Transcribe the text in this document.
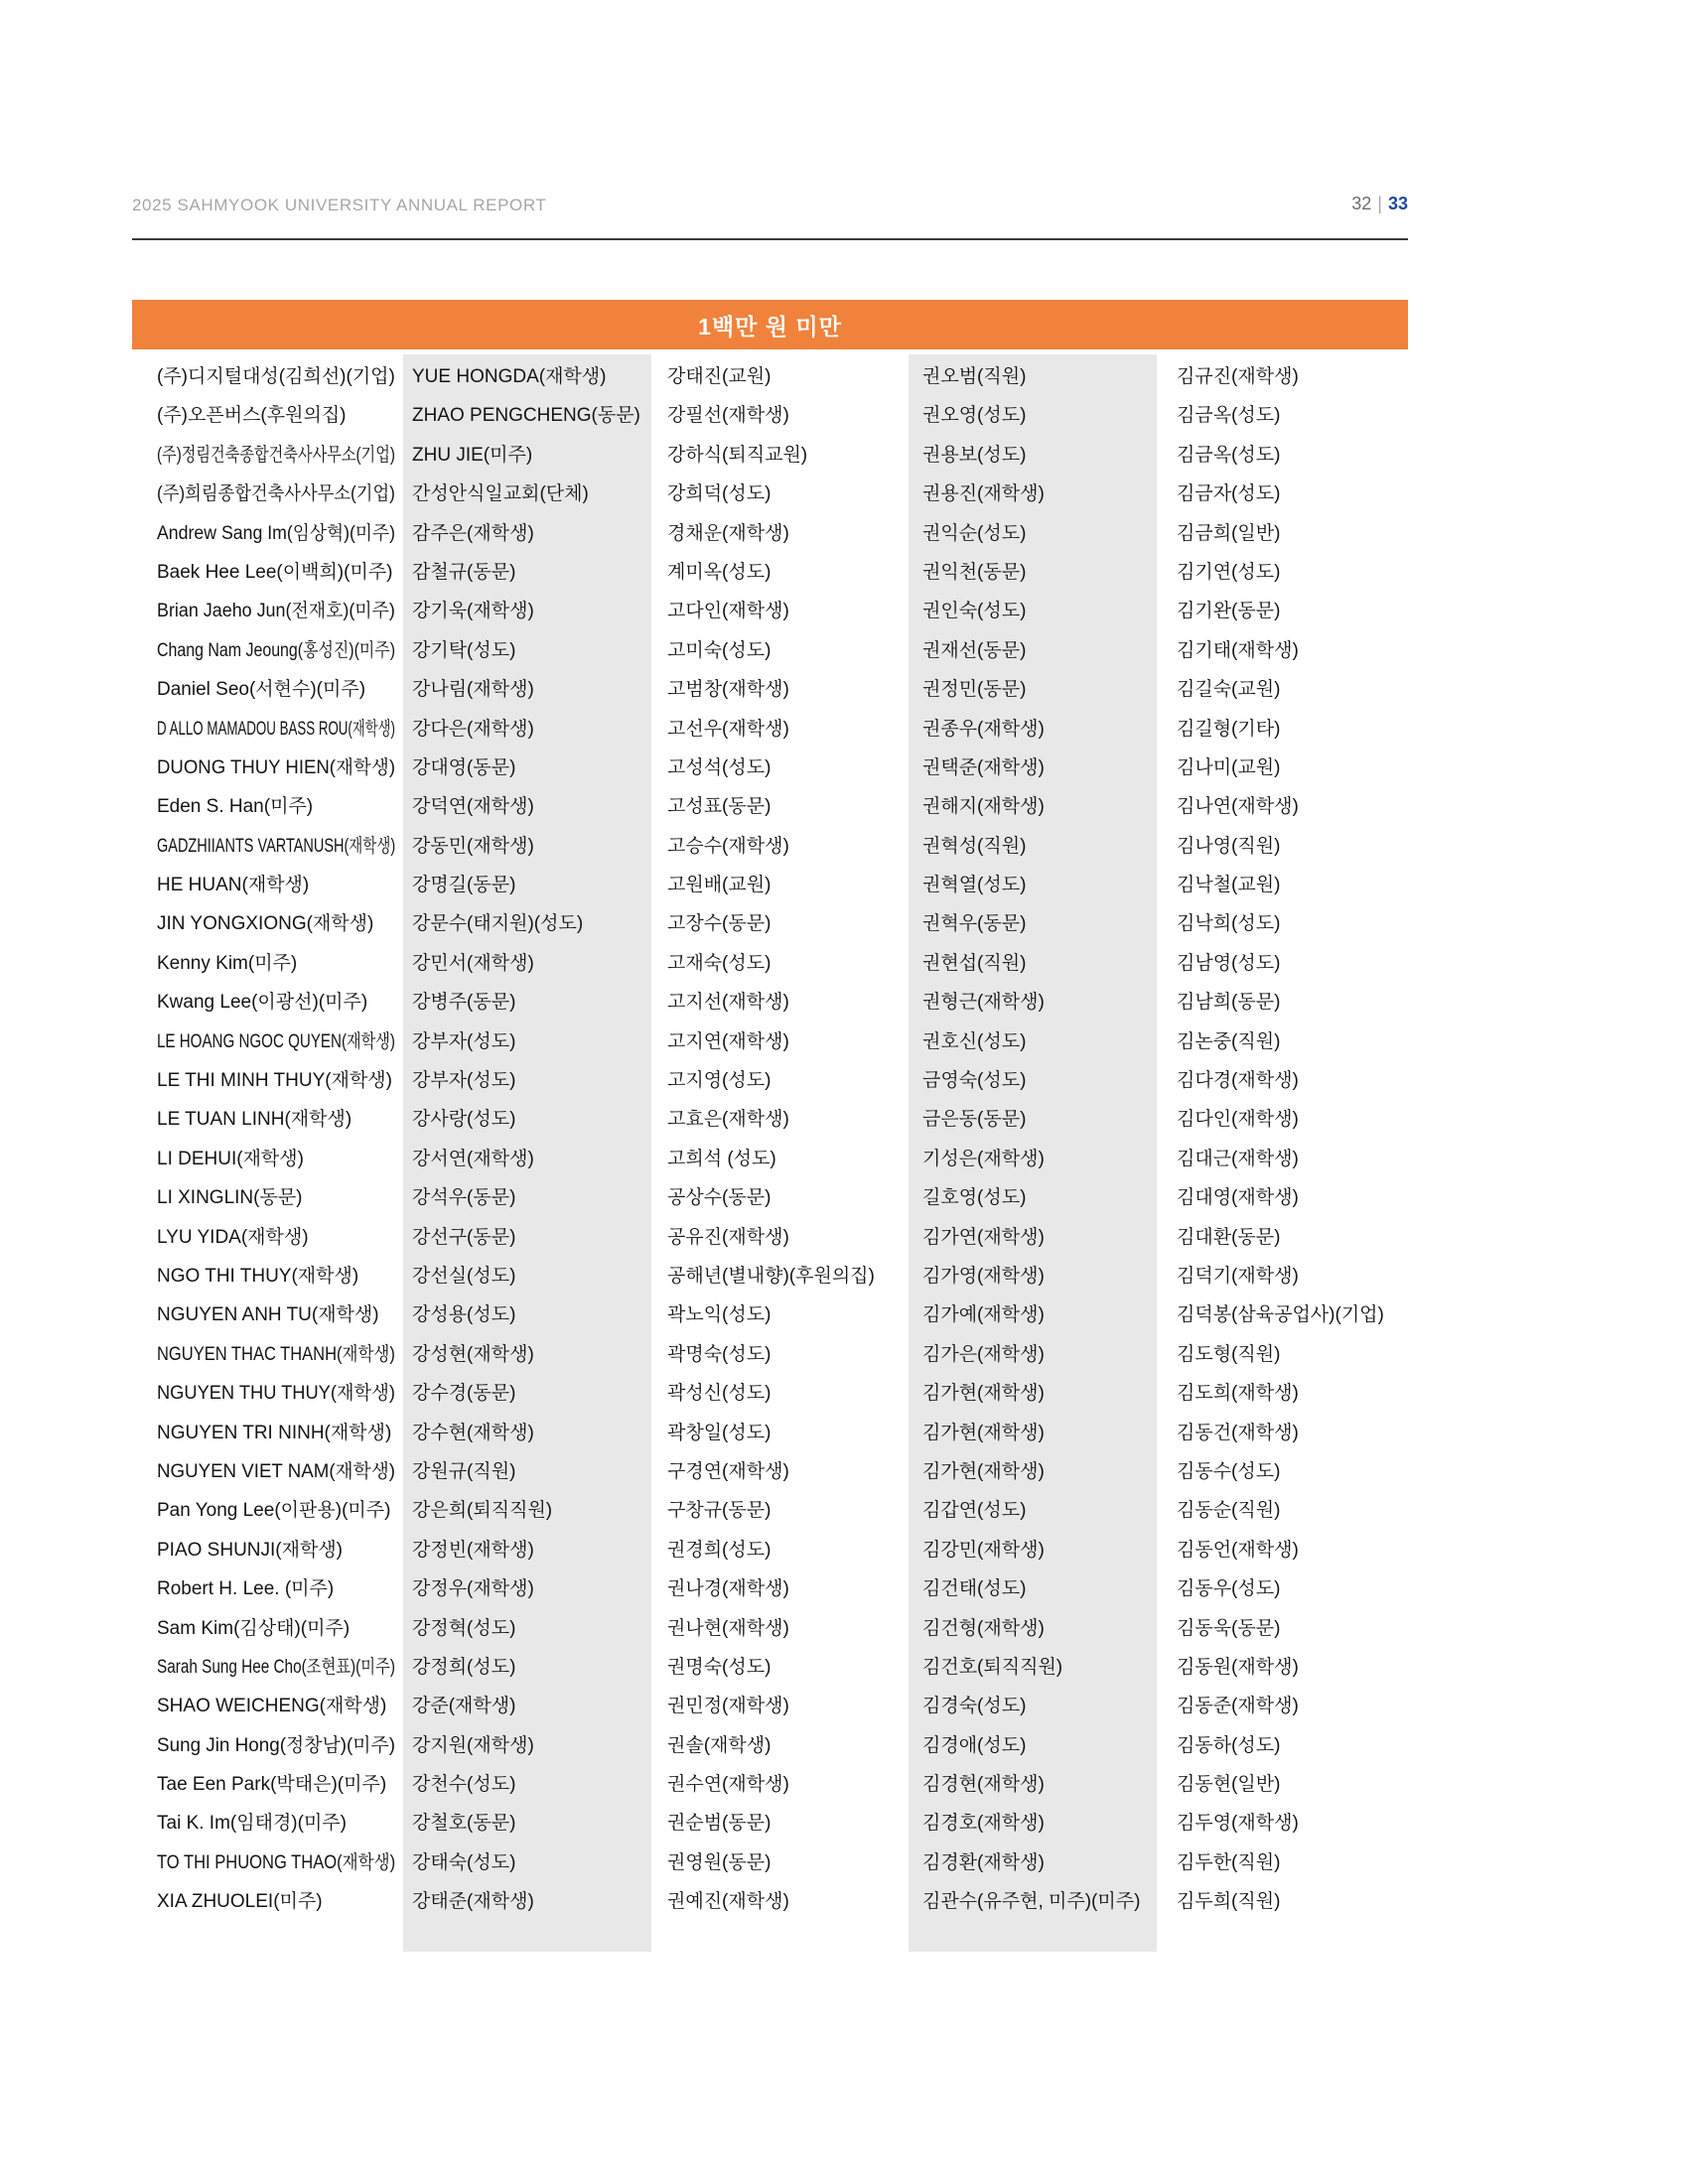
2025 SAHMYOOK UNIVERSITY ANNUAL REPORT	32 | 33
1백만 원 미만
(주)디지털대성(김희선)(기업)
(주)오픈버스(후원의집)
(주)정림건축종합건축사사무소(기업)
(주)희림종합건축사사무소(기업)
Andrew Sang Im(임상혁)(미주)
Baek Hee Lee(이백희)(미주)
Brian Jaeho Jun(전재호)(미주)
Chang Nam Jeoung(홍성진)(미주)
Daniel Seo(서현수)(미주)
D ALLO MAMADOU BASS ROU(재학생)
DUONG THUY HIEN(재학생)
Eden S. Han(미주)
GADZHIIANTS VARTANUSH(재학생)
HE HUAN(재학생)
JIN YONGXIONG(재학생)
Kenny Kim(미주)
Kwang Lee(이광선)(미주)
LE HOANG NGOC QUYEN(재학생)
LE THI MINH THUY(재학생)
LE TUAN LINH(재학생)
LI DEHUI(재학생)
LI XINGLIN(동문)
LYU YIDA(재학생)
NGO THI THUY(재학생)
NGUYEN ANH TU(재학생)
NGUYEN THAC THANH(재학생)
NGUYEN THU THUY(재학생)
NGUYEN TRI NINH(재학생)
NGUYEN VIET NAM(재학생)
Pan Yong Lee(이판용)(미주)
PIAO SHUNJI(재학생)
Robert H. Lee. (미주)
Sam Kim(김상태)(미주)
Sarah Sung Hee Cho(조현표)(미주)
SHAO WEICHENG(재학생)
Sung Jin Hong(정창남)(미주)
Tae Een Park(박태은)(미주)
Tai K. Im(임태경)(미주)
TO THI PHUONG THAO(재학생)
XIA ZHUOLEI(미주)
YUE HONGDA(재학생)
ZHAO PENGCHENG(동문)
ZHU JIE(미주)
간성안식일교회(단체)
감주은(재학생)
감철규(동문)
강기욱(재학생)
강기탁(성도)
강나림(재학생)
강다은(재학생)
강대영(동문)
강덕연(재학생)
강동민(재학생)
강명길(동문)
강문수(태지원)(성도)
강민서(재학생)
강병주(동문)
강부자(성도)
강부자(성도)
강사랑(성도)
강서연(재학생)
강석우(동문)
강선구(동문)
강선실(성도)
강성용(성도)
강성현(재학생)
강수경(동문)
강수현(재학생)
강원규(직원)
강은희(퇴직직원)
강정빈(재학생)
강정우(재학생)
강정혁(성도)
강정희(성도)
강준(재학생)
강지원(재학생)
강천수(성도)
강철호(동문)
강태숙(성도)
강태준(재학생)
강태진(교원)
강필선(재학생)
강하식(퇴직교원)
강희덕(성도)
경채운(재학생)
계미옥(성도)
고다인(재학생)
고미숙(성도)
고범창(재학생)
고선우(재학생)
고성석(성도)
고성표(동문)
고승수(재학생)
고원배(교원)
고장수(동문)
고재숙(성도)
고지선(재학생)
고지연(재학생)
고지영(성도)
고효은(재학생)
고희석 (성도)
공상수(동문)
공유진(재학생)
공해년(별내향)(후원의집)
곽노익(성도)
곽명숙(성도)
곽성신(성도)
곽창일(성도)
구경연(재학생)
구창규(동문)
권경희(성도)
권나경(재학생)
권나현(재학생)
권명숙(성도)
권민정(재학생)
권솔(재학생)
권수연(재학생)
권순범(동문)
권영원(동문)
권예진(재학생)
권오범(직원)
권오영(성도)
권용보(성도)
권용진(재학생)
권익순(성도)
권익천(동문)
권인숙(성도)
권재선(동문)
권정민(동문)
권종우(재학생)
권택준(재학생)
권해지(재학생)
권혁성(직원)
권혁열(성도)
권혁우(동문)
권현섭(직원)
권형근(재학생)
권호신(성도)
금영숙(성도)
금은동(동문)
기성은(재학생)
길호영(성도)
김가연(재학생)
김가영(재학생)
김가예(재학생)
김가은(재학생)
김가현(재학생)
김가현(재학생)
김가현(재학생)
김갑연(성도)
김강민(재학생)
김건태(성도)
김건형(재학생)
김건호(퇴직직원)
김경숙(성도)
김경애(성도)
김경현(재학생)
김경호(재학생)
김경환(재학생)
김관수(유주현, 미주)(미주)
김규진(재학생)
김금옥(성도)
김금옥(성도)
김금자(성도)
김금희(일반)
김기연(성도)
김기완(동문)
김기태(재학생)
김길숙(교원)
김길형(기타)
김나미(교원)
김나연(재학생)
김나영(직원)
김낙철(교원)
김낙희(성도)
김남영(성도)
김남희(동문)
김논중(직원)
김다경(재학생)
김다인(재학생)
김대근(재학생)
김대영(재학생)
김대환(동문)
김덕기(재학생)
김덕봉(삼육공업사)(기업)
김도형(직원)
김도희(재학생)
김동건(재학생)
김동수(성도)
김동순(직원)
김동언(재학생)
김동우(성도)
김동욱(동문)
김동원(재학생)
김동준(재학생)
김동하(성도)
김동현(일반)
김두영(재학생)
김두한(직원)
김두희(직원)
